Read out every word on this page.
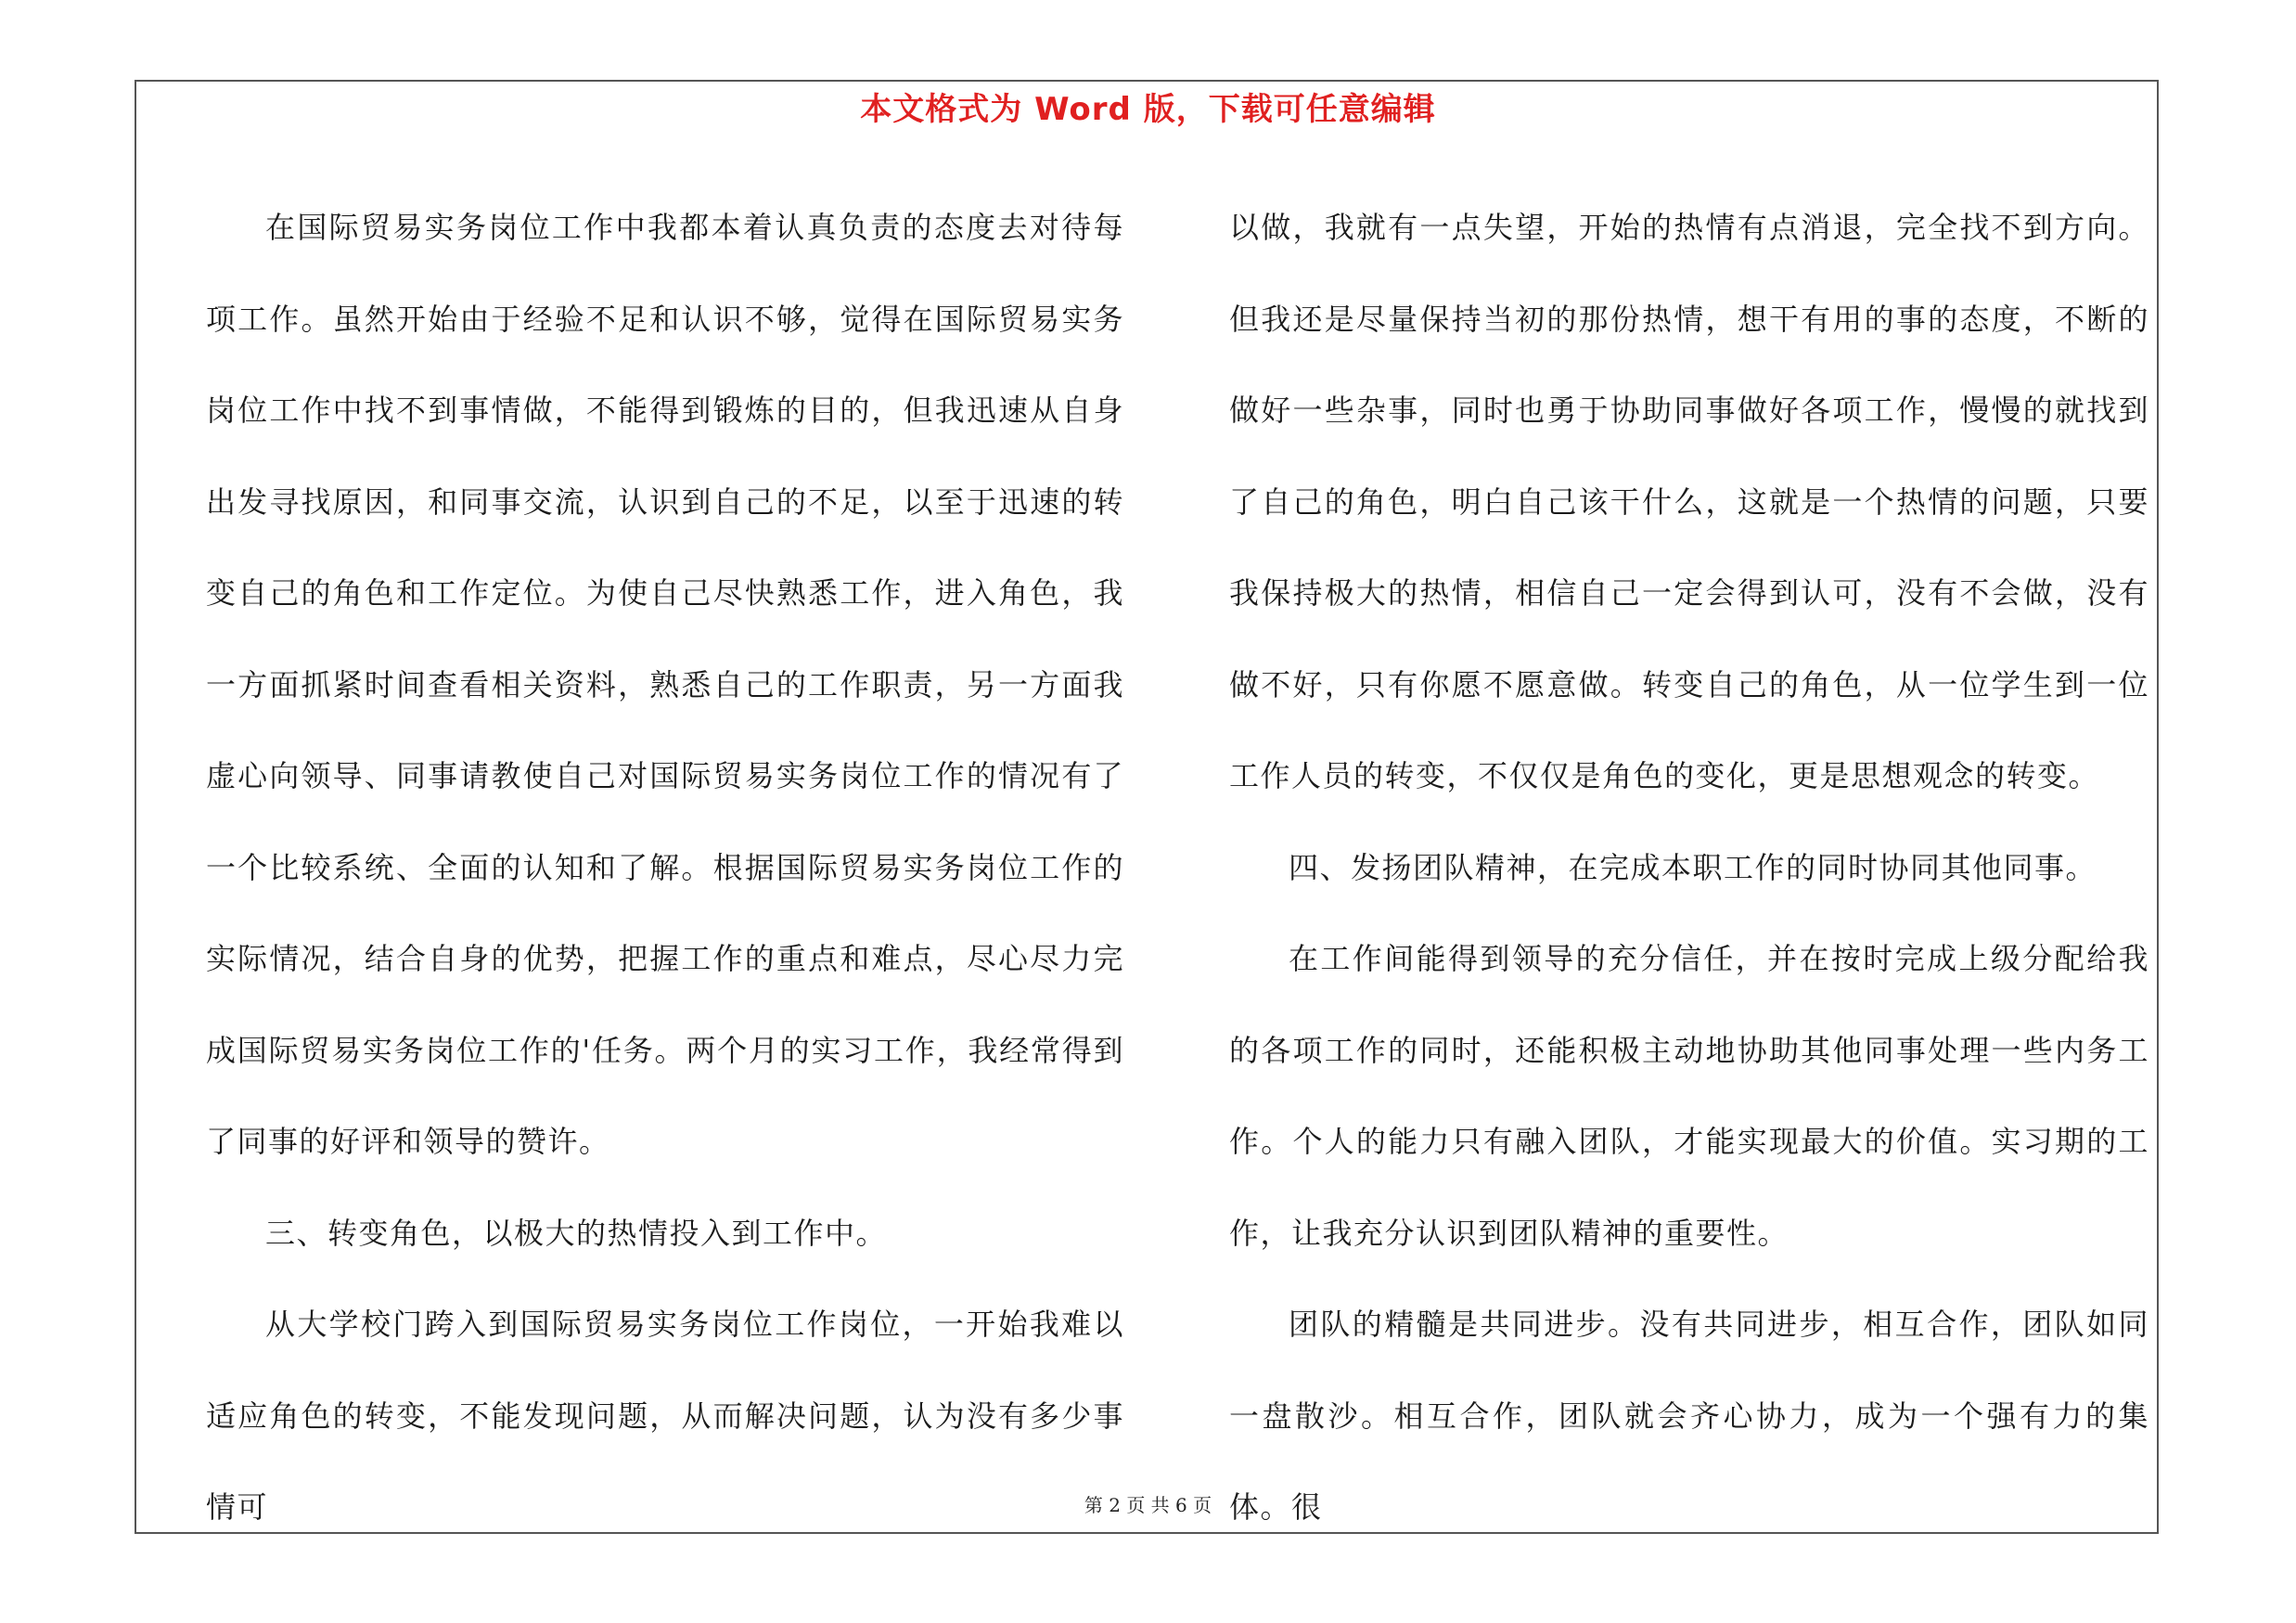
本文格式为 Word 版，下载可任意编辑

在国际贸易实务岗位工作中我都本着认真负责的态度去对待每项工作。虽然开始由于经验不足和认识不够，觉得在国际贸易实务岗位工作中找不到事情做，不能得到锻炼的目的，但我迅速从自身出发寻找原因，和同事交流，认识到自己的不足，以至于迅速的转变自己的角色和工作定位。为使自己尽快熟悉工作，进入角色，我一方面抓紧时间查看相关资料，熟悉自己的工作职责，另一方面我虚心向领导、同事请教使自己对国际贸易实务岗位工作的情况有了一个比较系统、全面的认知和了解。根据国际贸易实务岗位工作的实际情况，结合自身的优势，把握工作的重点和难点，尽心尽力完成国际贸易实务岗位工作的'任务。两个月的实习工作，我经常得到了同事的好评和领导的赞许。

三、转变角色，以极大的热情投入到工作中。

从大学校门跨入到国际贸易实务岗位工作岗位，一开始我难以适应角色的转变，不能发现问题，从而解决问题，认为没有多少事情可

以做，我就有一点失望，开始的热情有点消退，完全找不到方向。但我还是尽量保持当初的那份热情，想干有用的事的态度，不断的做好一些杂事，同时也勇于协助同事做好各项工作，慢慢的就找到了自己的角色，明白自己该干什么，这就是一个热情的问题，只要我保持极大的热情，相信自己一定会得到认可，没有不会做，没有做不好，只有你愿不愿意做。转变自己的角色，从一位学生到一位工作人员的转变，不仅仅是角色的变化，更是思想观念的转变。

四、发扬团队精神，在完成本职工作的同时协同其他同事。

在工作间能得到领导的充分信任，并在按时完成上级分配给我的各项工作的同时，还能积极主动地协助其他同事处理一些内务工作。个人的能力只有融入团队，才能实现最大的价值。实习期的工作，让我充分认识到团队精神的重要性。

团队的精髓是共同进步。没有共同进步，相互合作，团队如同一盘散沙。相互合作，团队就会齐心协力，成为一个强有力的集体。很

第 2 页 共 6 页
